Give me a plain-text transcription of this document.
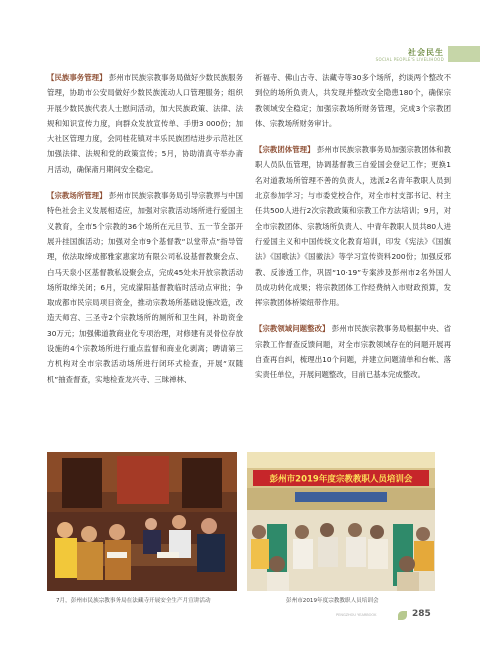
社会民生
SOCIAL PEOPLE'S LIVELIHOOD

【民族事务管理】 彭州市民族宗教事务局做好少数民族服务管理，协助市公安局做好少数民族流动人口管理服务；组织开展少数民族代表人士慰问活动，加大民族政策、法律、法规和知识宣传力度，向群众发放宣传单、手册3 000份；加大社区管理力度，会同桂花镇对丰乐民族团结进步示范社区加强法律、法规和党的政策宣传；5月，协助清真寺举办斋月活动，确保斋月期间安全稳定。

【宗教场所管理】 彭州市民族宗教事务局引导宗教界与中国特色社会主义发展相适应，加强对宗教活动场所进行爱国主义教育，全市5个宗教的36个场所在元旦节、五一节全部开展升挂国旗活动；加强对全市9个基督教“以堂带点”指导管理，依法取缔成都雅家惠家坊有限公司私设基督教聚会点、白马天泉小区基督教私设聚会点，完成45处未开放宗教活动场所取缔关闭；6月，完成濛阳基督教临时活动点审批；争取成都市民宗局项目资金，推动宗教场所基础设施改造，改造天师宫、三圣寺2个宗教场所的厕所和卫生间，补助资金30万元；加强佛道教商业化专项治理，对修建有灵骨位存放设施的4个宗教场所进行重点监督和商业化剥离；聘请第三方机构对全市宗教活动场所进行闭环式检查，开展“双随机”抽查督查，实地检查龙兴寺、三昧禅林、

祈福寺、佛山古寺、法藏寺等30多个场所，约谈两个整改不到位的场所负责人，共发现并整改安全隐患180个，确保宗教领域安全稳定；加强宗教场所财务管理，完成3个宗教团体、宗教场所财务审计。

【宗教团体管理】 彭州市民族宗教事务局加强宗教团体和教职人员队伍管理，协调基督教三自爱国会登记工作；更换1名对道教场所管理不善的负责人，选派2名青年教职人员到北京参加学习；与市委党校合作，对全市村支部书记、村主任共500人进行2次宗教政策和宗教工作方法培训；9月，对全市宗教团体、宗教场所负责人、中青年教职人员共80人进行爱国主义和中国传统文化教育培训，印发《宪法》《国旗法》《国歌法》《国徽法》等学习宣传资料200份；加强反邪教、反渗透工作，巩固“10·19”专案涉及彭州市2名外国人员成功转化成果；将宗教团体工作经费纳入市财政预算，发挥宗教团体桥梁纽带作用。

【宗教领域问题整改】 彭州市民族宗教事务局根据中央、省宗教工作督查反馈问题，对全市宗教领域存在的问题开展再自查再自纠，梳理出10个问题，并建立问题清单和台帐、落实责任单位，开展问题整改，目前已基本完成整改。

彭州市2019年度宗教教职人员培训会
7月，彭州市民族宗教事务局在法藏寺开展安全生产月宣讲活动	彭州市2019年度宗教教职人员培训会
PENGZHOU YEARBOOK	285
